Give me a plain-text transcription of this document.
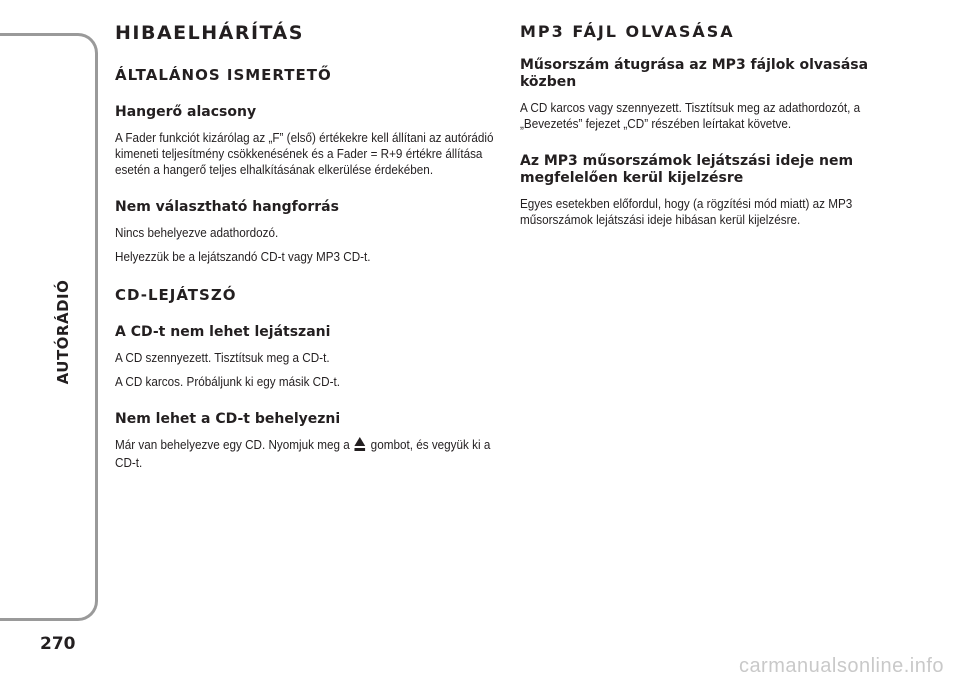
AUTÓRÁDIÓ
270
HIBAELHÁRÍTÁS
ÁLTALÁNOS ISMERTETŐ
Hangerő alacsony
A Fader funkciót kizárólag az „F” (első) értékekre kell állítani az autórádió kimeneti teljesítmény csökkenésének és a Fader = R+9 értékre állítása esetén a hangerő teljes elhalkításának elkerülése érdekében.
Nem választható hangforrás
Nincs behelyezve adathordozó.
Helyezzük be a lejátszandó CD-t vagy MP3 CD-t.
CD-LEJÁTSZÓ
A CD-t nem lehet lejátszani
A CD szennyezett. Tisztítsuk meg a CD-t.
A CD karcos. Próbáljunk ki egy másik CD-t.
Nem lehet a CD-t behelyezni
Már van behelyezve egy CD. Nyomjuk meg a gombot, és vegyük ki a CD-t.
MP3 FÁJL OLVASÁSA
Műsorszám átugrása az MP3 fájlok olvasása közben
A CD karcos vagy szennyezett. Tisztítsuk meg az adathordozót, a „Bevezetés” fejezet „CD” részében leírtakat követve.
Az MP3 műsorszámok lejátszási ideje nem megfelelően kerül kijelzésre
Egyes esetekben előfordul, hogy (a rögzítési mód miatt) az MP3 műsorszámok lejátszási ideje hibásan kerül kijelzésre.
carmanualsonline.info
